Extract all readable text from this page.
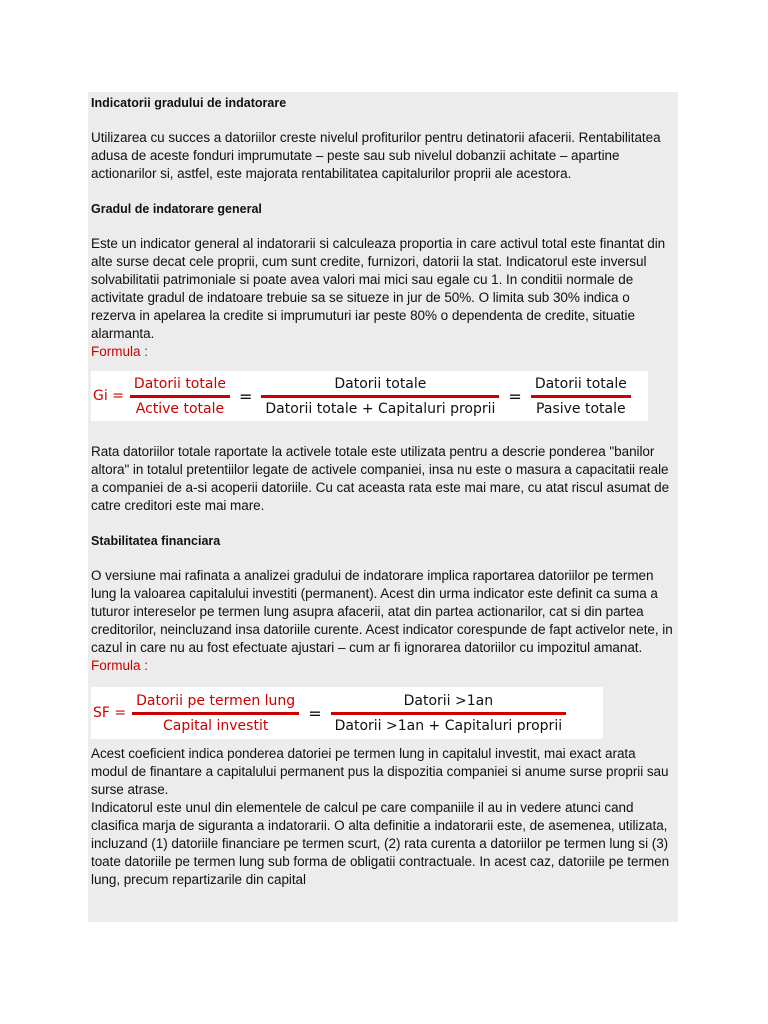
Indicatorii gradului de indatorare

Utilizarea cu succes a datoriilor creste nivelul profiturilor pentru detinatorii afacerii. Rentabilitatea adusa de aceste fonduri imprumutate – peste sau sub nivelul dobanzii achitate – apartine actionarilor si, astfel, este majorata rentabilitatea capitalurilor proprii ale acestora.

Gradul de indatorare general

Este un indicator general al indatorarii si calculeaza proportia in care activul total este finantat din alte surse decat cele proprii, cum sunt credite, furnizori, datorii la stat. Indicatorul este inversul solvabilitatii patrimoniale si poate avea valori mai mici sau egale cu 1. In conditii normale de activitate gradul de indatoare trebuie sa se situeze in jur de 50%. O limita sub 30% indica o rezerva in apelarea la credite si imprumuturi iar peste 80% o dependenta de credite, situatie alarmanta.

Formula :

$Gi = \frac{\text{Datorii totale}}{\text{Active totale}} = \frac{\text{Datorii totale}}{\text{Datorii totale + Capitaluri proprii}} = \frac{\text{Datorii totale}}{\text{Pasive totale}}$

Rata datoriilor totale raportate la activele totale este utilizata pentru a descrie ponderea "banilor altora" in totalul pretentiilor legate de activele companiei, insa nu este o masura a capacitatii reale a companiei de a-si acoperii datoriile. Cu cat aceasta rata este mai mare, cu atat riscul asumat de catre creditori este mai mare.

Stabilitatea financiara

O versiune mai rafinata a analizei gradului de indatorare implica raportarea datoriilor pe termen lung la valoarea capitalului investiti (permanent). Acest din urma indicator este definit ca suma a tuturor intereselor pe termen lung asupra afacerii, atat din partea actionarilor, cat si din partea creditorilor, neincluzand insa datoriile curente. Acest indicator corespunde de fapt activelor nete, in cazul in care nu au fost efectuate ajustari – cum ar fi ignorarea datoriilor cu impozitul amanat.

Formula :

SF = $\frac{\text{Datorii pe termen lung}}{\text{Capital investit}} = \frac{\text{Datorii >1an}}{\text{Datorii >1an + Capitaluri proprii}}$

Acest coeficient indica ponderea datoriei pe termen lung in capitalul investit, mai exact arata modul de finantare a capitalului permanent pus la dispozitia companiei si anume surse proprii sau surse atrase.

Indicatorul este unul din elementele de calcul pe care companiile il au in vedere atunci cand clasifica marja de siguranta a indatorarii. O alta definitie a indatorarii este, de asemenea, utilizata, incluzand (1) datoriile financiare pe termen scurt, (2) rata curenta a datoriilor pe termen lung si (3) toate datoriile pe termen lung sub forma de obligatii contractuale. In acest caz, datoriile pe termen lung, precum repartizarile din capital
